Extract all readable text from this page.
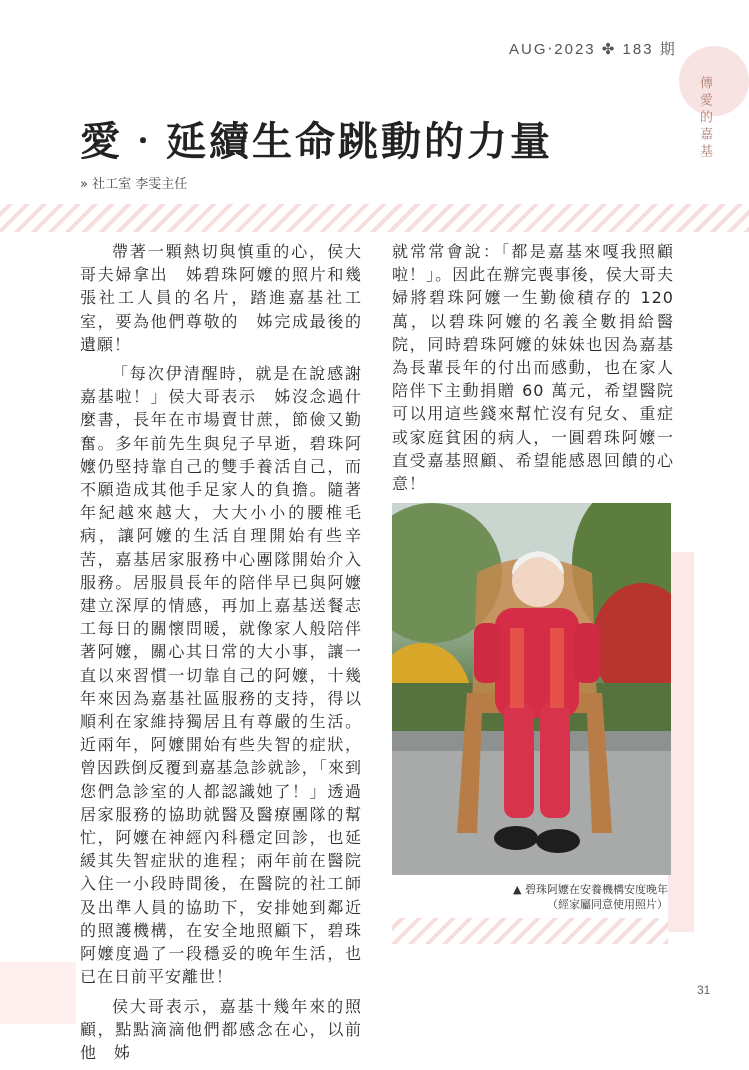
AUG‧2023 ✤ 183 期
傳愛的嘉基
愛‧延續生命跳動的力量
» 社工室 李雯主任

帶著一顆熱切與慎重的心，侯大哥夫婦拿出　姊碧珠阿嬤的照片和幾張社工人員的名片，踏進嘉基社工室，要為他們尊敬的　姊完成最後的遺願！

「每次伊清醒時，就是在說感謝嘉基啦！」侯大哥表示　姊沒念過什麼書，長年在市場賣甘蔗，節儉又勤奮。多年前先生與兒子早逝，碧珠阿嬤仍堅持靠自己的雙手養活自己，而不願造成其他手足家人的負擔。隨著年紀越來越大，大大小小的腰椎毛病，讓阿嬤的生活自理開始有些辛苦，嘉基居家服務中心團隊開始介入服務。居服員長年的陪伴早已與阿嬤建立深厚的情感，再加上嘉基送餐志工每日的關懷問暖，就像家人般陪伴著阿嬤，關心其日常的大小事，讓一直以來習慣一切靠自己的阿嬤，十幾年來因為嘉基社區服務的支持，得以順利在家維持獨居且有尊嚴的生活。近兩年，阿嬤開始有些失智的症狀，曾因跌倒反覆到嘉基急診就診，「來到您們急診室的人都認識她了！」透過居家服務的協助就醫及醫療團隊的幫忙，阿嬤在神經內科穩定回診，也延緩其失智症狀的進程；兩年前在醫院入住一小段時間後，在醫院的社工師及出準人員的協助下，安排她到鄰近的照護機構，在安全地照顧下，碧珠阿嬤度過了一段穩妥的晚年生活，也已在日前平安離世！

侯大哥表示，嘉基十幾年來的照顧，點點滴滴他們都感念在心，以前他　姊

就常常會說：「都是嘉基來嘎我照顧啦！」。因此在辦完喪事後，侯大哥夫婦將碧珠阿嬤一生勤儉積存的 120 萬，以碧珠阿嬤的名義全數捐給醫院，同時碧珠阿嬤的妹妹也因為嘉基為長輩長年的付出而感動，也在家人陪伴下主動捐贈 60 萬元，希望醫院可以用這些錢來幫忙沒有兒女、重症或家庭貧困的病人，一圓碧珠阿嬤一直受嘉基照顧、希望能感恩回饋的心意！

▲ 碧珠阿嬤在安養機構安度晚年
（經家屬同意使用照片）
31
